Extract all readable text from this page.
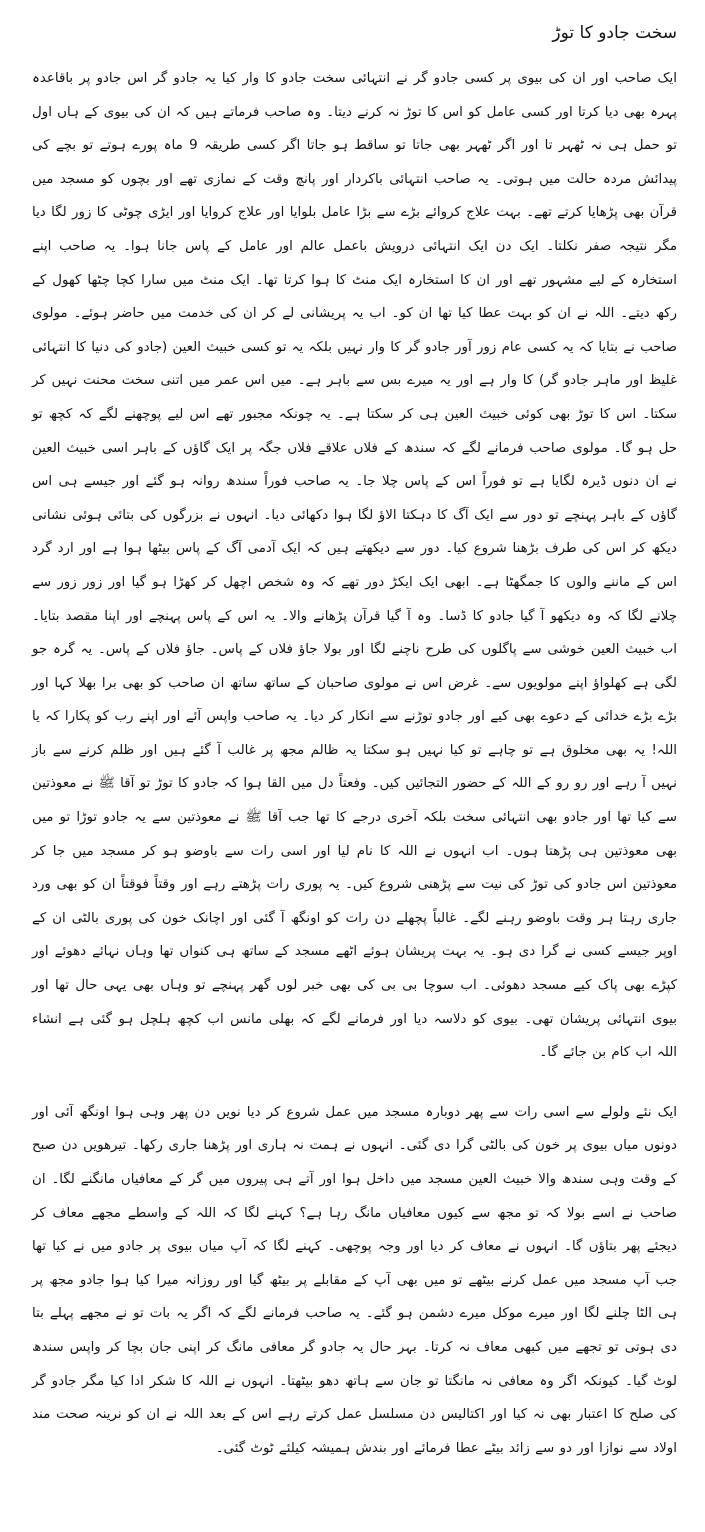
سخت جادو کا توڑ

ایک صاحب اور ان کی بیوی پر کسی جادو گر نے انتہائی سخت جادو کا وار کیا یہ جادو گر اس جادو پر باقاعدہ پہرہ بھی دیا کرتا اور کسی عامل کو اس کا توڑ نہ کرنے دیتا۔ وہ صاحب فرماتے ہیں کہ ان کی بیوی کے ہاں اول تو حمل ہی نہ ٹھہر تا اور اگر ٹھہر بھی جاتا تو ساقط ہو جاتا اگر کسی طریقہ 9 ماہ پورے ہوتے تو بچے کی پیدائش مردہ حالت میں ہوتی۔ یہ صاحب انتہائی باکردار اور پانچ وقت کے نمازی تھے اور بچوں کو مسجد میں قرآن بھی پڑھایا کرتے تھے۔ بہت علاج کروائے بڑے سے بڑا عامل بلوایا اور علاج کروایا اور ایڑی چوٹی کا زور لگا دیا مگر نتیجہ صفر نکلتا۔ ایک دن ایک انتہائی درویش باعمل عالم اور عامل کے پاس جانا ہوا۔ یہ صاحب اپنے استخارہ کے لیے مشہور تھے اور ان کا استخارہ ایک منٹ کا ہوا کرتا تھا۔ ایک منٹ میں سارا کچا چٹھا کھول کے رکھ دیتے۔ اللہ نے ان کو بہت عطا کیا تھا ان کو۔ اب یہ پریشانی لے کر ان کی خدمت میں حاضر ہوئے۔ مولوی صاحب نے بتایا کہ یہ کسی عام زور آور جادو گر کا وار نہیں بلکہ یہ تو کسی خبیث العین (جادو کی دنیا کا انتہائی غلیظ اور ماہر جادو گر) کا وار ہے اور یہ میرے بس سے باہر ہے۔ میں اس عمر میں اتنی سخت محنت نہیں کر سکتا۔ اس کا توڑ بھی کوئی خبیث العین ہی کر سکتا ہے۔ یہ چونکہ مجبور تھے اس لیے پوچھنے لگے کہ کچھ تو حل ہو گا۔ مولوی صاحب فرمانے لگے کہ سندھ کے فلاں علاقے فلاں جگہ پر ایک گاؤں کے باہر اسی خبیث العین نے ان دنوں ڈیرہ لگایا ہے تو فوراً اس کے پاس چلا جا۔ یہ صاحب فوراً سندھ روانہ ہو گئے اور جیسے ہی اس گاؤں کے باہر پہنچے تو دور سے ایک آگ کا دہکتا الاؤ لگا ہوا دکھائی دیا۔ انہوں نے بزرگوں کی بتائی ہوئی نشانی دیکھ کر اس کی طرف بڑھنا شروع کیا۔ دور سے دیکھتے ہیں کہ ایک آدمی آگ کے پاس بیٹھا ہوا ہے اور ارد گرد اس کے ماننے والوں کا جمگھٹا ہے۔ ابھی ایک ایکڑ دور تھے کہ وہ شخص اچھل کر کھڑا ہو گیا اور زور زور سے چلانے لگا کہ وہ دیکھو آ گیا جادو کا ڈسا۔ وہ آ گیا قرآن پڑھانے والا۔ یہ اس کے پاس پہنچے اور اپنا مقصد بتایا۔ اب خبیث العین خوشی سے پاگلوں کی طرح ناچنے لگا اور بولا جاؤ فلاں کے پاس۔ جاؤ فلاں کے پاس۔ یہ گرہ جو لگی ہے کھلواؤ اپنے مولویوں سے۔ غرض اس نے مولوی صاحبان کے ساتھ ساتھ ان صاحب کو بھی برا بھلا کہا اور بڑے بڑے خدائی کے دعوے بھی کیے اور جادو توڑنے سے انکار کر دیا۔ یہ صاحب واپس آئے اور اپنے رب کو پکارا کہ یا اللہ! یہ بھی مخلوق ہے تو چاہے تو کیا نہیں ہو سکتا یہ ظالم مجھ پر غالب آ گئے ہیں اور ظلم کرنے سے باز نہیں آ رہے اور رو رو کے اللہ کے حضور التجائیں کیں۔ وفعتاً دل میں القا ہوا کہ جادو کا توڑ تو آقا ﷺ نے معوذتین سے کیا تھا اور جادو بھی انتہائی سخت بلکہ آخری درجے کا تھا جب آقا ﷺ نے معوذتین سے یہ جادو توڑا تو میں بھی معوذتین ہی پڑھتا ہوں۔ اب انہوں نے اللہ کا نام لیا اور اسی رات سے باوضو ہو کر مسجد میں جا کر معوذتین اس جادو کی توڑ کی نیت سے پڑھنی شروع کیں۔ یہ پوری رات پڑھتے رہے اور وقتاً فوقتاً ان کو بھی ورد جاری رہتا ہر وقت باوضو رہنے لگے۔ غالباً پچھلے دن رات کو اونگھ آ گئی اور اچانک خون کی پوری بالٹی ان کے اوپر جیسے کسی نے گرا دی ہو۔ یہ بہت پریشان ہوئے اٹھے مسجد کے ساتھ ہی کنواں تھا وہاں نہائے دھوئے اور کپڑے بھی پاک کیے مسجد دھوئی۔ اب سوچا بی بی کی بھی خبر لوں گھر پہنچے تو وہاں بھی یہی حال تھا اور بیوی انتہائی پریشان تھی۔ بیوی کو دلاسہ دیا اور فرمانے لگے کہ بھلی مانس اب کچھ ہلچل ہو گئی ہے انشاء اللہ اب کام بن جائے گا۔

ایک نئے ولولے سے اسی رات سے پھر دوبارہ مسجد میں عمل شروع کر دیا نویں دن پھر وہی ہوا اونگھ آئی اور دونوں میاں بیوی پر خون کی بالٹی گرا دی گئی۔ انہوں نے ہمت نہ ہاری اور پڑھنا جاری رکھا۔ تیرھویں دن صبح کے وقت وہی سندھ والا خبیث العین مسجد میں داخل ہوا اور آتے ہی پیروں میں گر کے معافیاں مانگنے لگا۔ ان صاحب نے اسے بولا کہ تو مجھ سے کیوں معافیاں مانگ رہا ہے؟ کہنے لگا کہ اللہ کے واسطے مجھے معاف کر دیجئے پھر بتاؤں گا۔ انہوں نے معاف کر دیا اور وجہ پوچھی۔ کہنے لگا کہ آپ میاں بیوی پر جادو میں نے کیا تھا جب آپ مسجد میں عمل کرنے بیٹھے تو میں بھی آپ کے مقابلے پر بیٹھ گیا اور روزانہ میرا کیا ہوا جادو مجھ پر ہی الٹا چلنے لگا اور میرے موکل میرے دشمن ہو گئے۔ یہ صاحب فرمانے لگے کہ اگر یہ بات تو نے مجھے پہلے بتا دی ہوتی تو تجھے میں کبھی معاف نہ کرتا۔ بہر حال یہ جادو گر معافی مانگ کر اپنی جان بچا کر واپس سندھ لوٹ گیا۔ کیونکہ اگر وہ معافی نہ مانگتا تو جان سے ہاتھ دھو بیٹھتا۔ انہوں نے اللہ کا شکر ادا کیا مگر جادو گر کی صلح کا اعتبار بھی نہ کیا اور اکتالیس دن مسلسل عمل کرتے رہے اس کے بعد اللہ نے ان کو نرینہ صحت مند اولاد سے نوازا اور دو سے زائد بیٹے عطا فرمائے اور بندش ہمیشہ کیلئے ٹوٹ گئی۔
